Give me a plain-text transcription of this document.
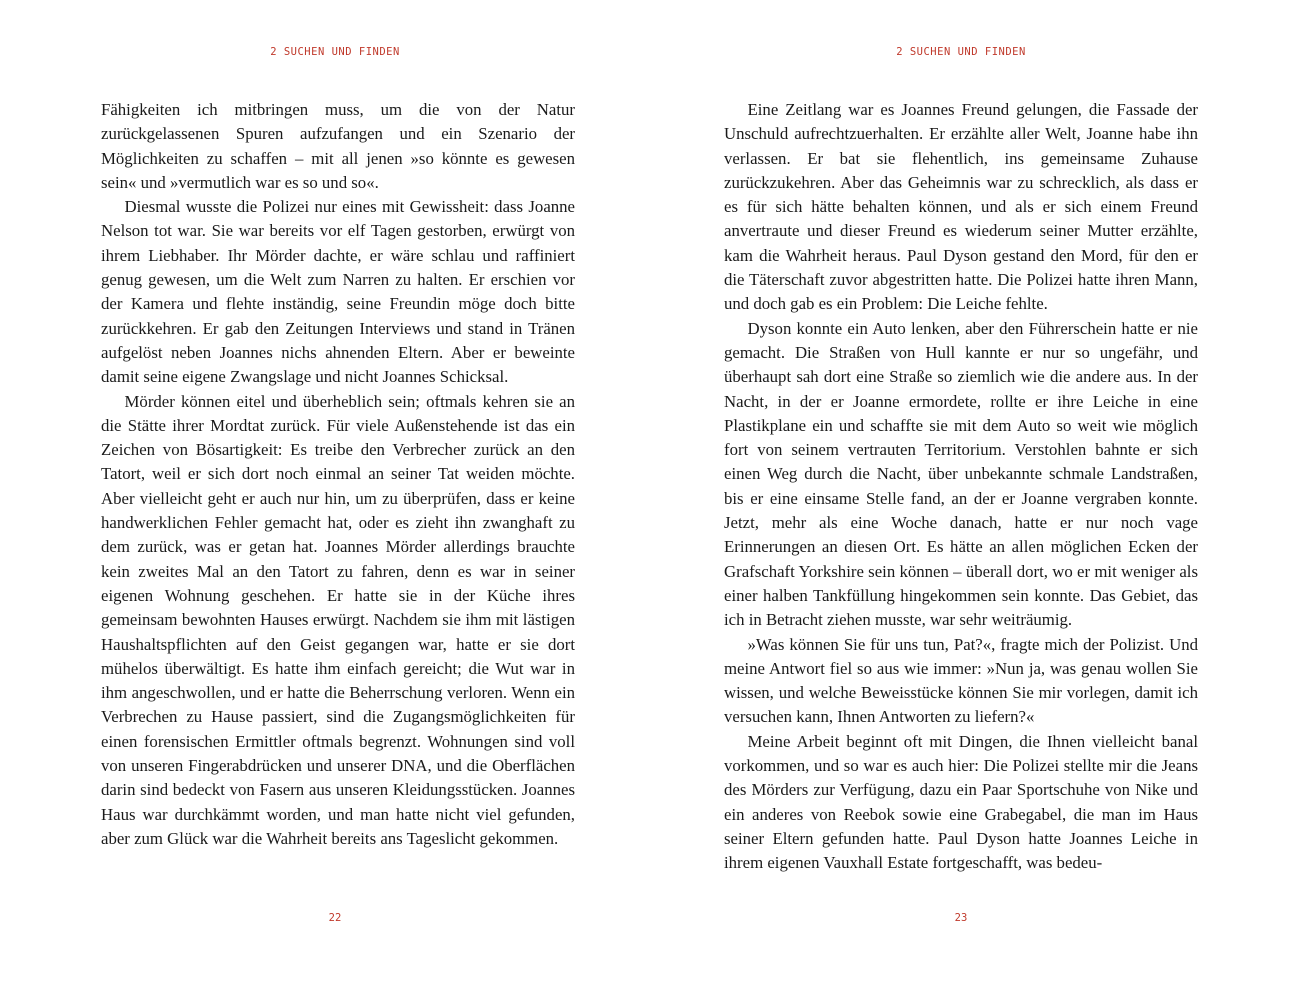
2 SUCHEN UND FINDEN

Fähigkeiten ich mitbringen muss, um die von der Natur zurückgelassenen Spuren aufzufangen und ein Szenario der Möglichkeiten zu schaffen – mit all jenen »so könnte es gewesen sein« und »vermutlich war es so und so«.

Diesmal wusste die Polizei nur eines mit Gewissheit: dass Joanne Nelson tot war. Sie war bereits vor elf Tagen gestorben, erwürgt von ihrem Liebhaber. Ihr Mörder dachte, er wäre schlau und raffiniert genug gewesen, um die Welt zum Narren zu halten. Er erschien vor der Kamera und flehte inständig, seine Freundin möge doch bitte zurückkehren. Er gab den Zeitungen Interviews und stand in Tränen aufgelöst neben Joannes nichs ahnenden Eltern. Aber er beweinte damit seine eigene Zwangslage und nicht Joannes Schicksal.

Mörder können eitel und überheblich sein; oftmals kehren sie an die Stätte ihrer Mordtat zurück. Für viele Außenstehende ist das ein Zeichen von Bösartigkeit: Es treibe den Verbrecher zurück an den Tatort, weil er sich dort noch einmal an seiner Tat weiden möchte. Aber vielleicht geht er auch nur hin, um zu überprüfen, dass er keine handwerklichen Fehler gemacht hat, oder es zieht ihn zwanghaft zu dem zurück, was er getan hat. Joannes Mörder allerdings brauchte kein zweites Mal an den Tatort zu fahren, denn es war in seiner eigenen Wohnung geschehen. Er hatte sie in der Küche ihres gemeinsam bewohnten Hauses erwürgt. Nachdem sie ihm mit lästigen Haushaltspflichten auf den Geist gegangen war, hatte er sie dort mühelos überwältigt. Es hatte ihm einfach gereicht; die Wut war in ihm angeschwollen, und er hatte die Beherrschung verloren. Wenn ein Verbrechen zu Hause passiert, sind die Zugangsmöglichkeiten für einen forensischen Ermittler oftmals begrenzt. Wohnungen sind voll von unseren Fingerabdrücken und unserer DNA, und die Oberflächen darin sind bedeckt von Fasern aus unseren Kleidungsstücken. Joannes Haus war durchkämmt worden, und man hatte nicht viel gefunden, aber zum Glück war die Wahrheit bereits ans Tageslicht gekommen.

22
2 SUCHEN UND FINDEN

Eine Zeitlang war es Joannes Freund gelungen, die Fassade der Unschuld aufrechtzuerhalten. Er erzählte aller Welt, Joanne habe ihn verlassen. Er bat sie flehentlich, ins gemeinsame Zuhause zurückzukehren. Aber das Geheimnis war zu schrecklich, als dass er es für sich hätte behalten können, und als er sich einem Freund anvertraute und dieser Freund es wiederum seiner Mutter erzählte, kam die Wahrheit heraus. Paul Dyson gestand den Mord, für den er die Täterschaft zuvor abgestritten hatte. Die Polizei hatte ihren Mann, und doch gab es ein Problem: Die Leiche fehlte.

Dyson konnte ein Auto lenken, aber den Führerschein hatte er nie gemacht. Die Straßen von Hull kannte er nur so ungefähr, und überhaupt sah dort eine Straße so ziemlich wie die andere aus. In der Nacht, in der er Joanne ermordete, rollte er ihre Leiche in eine Plastikplane ein und schaffte sie mit dem Auto so weit wie möglich fort von seinem vertrauten Territorium. Verstohlen bahnte er sich einen Weg durch die Nacht, über unbekannte schmale Landstraßen, bis er eine einsame Stelle fand, an der er Joanne vergraben konnte. Jetzt, mehr als eine Woche danach, hatte er nur noch vage Erinnerungen an diesen Ort. Es hätte an allen möglichen Ecken der Grafschaft Yorkshire sein können – überall dort, wo er mit weniger als einer halben Tankfüllung hingekommen sein konnte. Das Gebiet, das ich in Betracht ziehen musste, war sehr weiträumig.

»Was können Sie für uns tun, Pat?«, fragte mich der Polizist. Und meine Antwort fiel so aus wie immer: »Nun ja, was genau wollen Sie wissen, und welche Beweisstücke können Sie mir vorlegen, damit ich versuchen kann, Ihnen Antworten zu liefern?«

Meine Arbeit beginnt oft mit Dingen, die Ihnen vielleicht banal vorkommen, und so war es auch hier: Die Polizei stellte mir die Jeans des Mörders zur Verfügung, dazu ein Paar Sportschuhe von Nike und ein anderes von Reebok sowie eine Grabegabel, die man im Haus seiner Eltern gefunden hatte. Paul Dyson hatte Joannes Leiche in ihrem eigenen Vauxhall Estate fortgeschafft, was bedeu-

23
